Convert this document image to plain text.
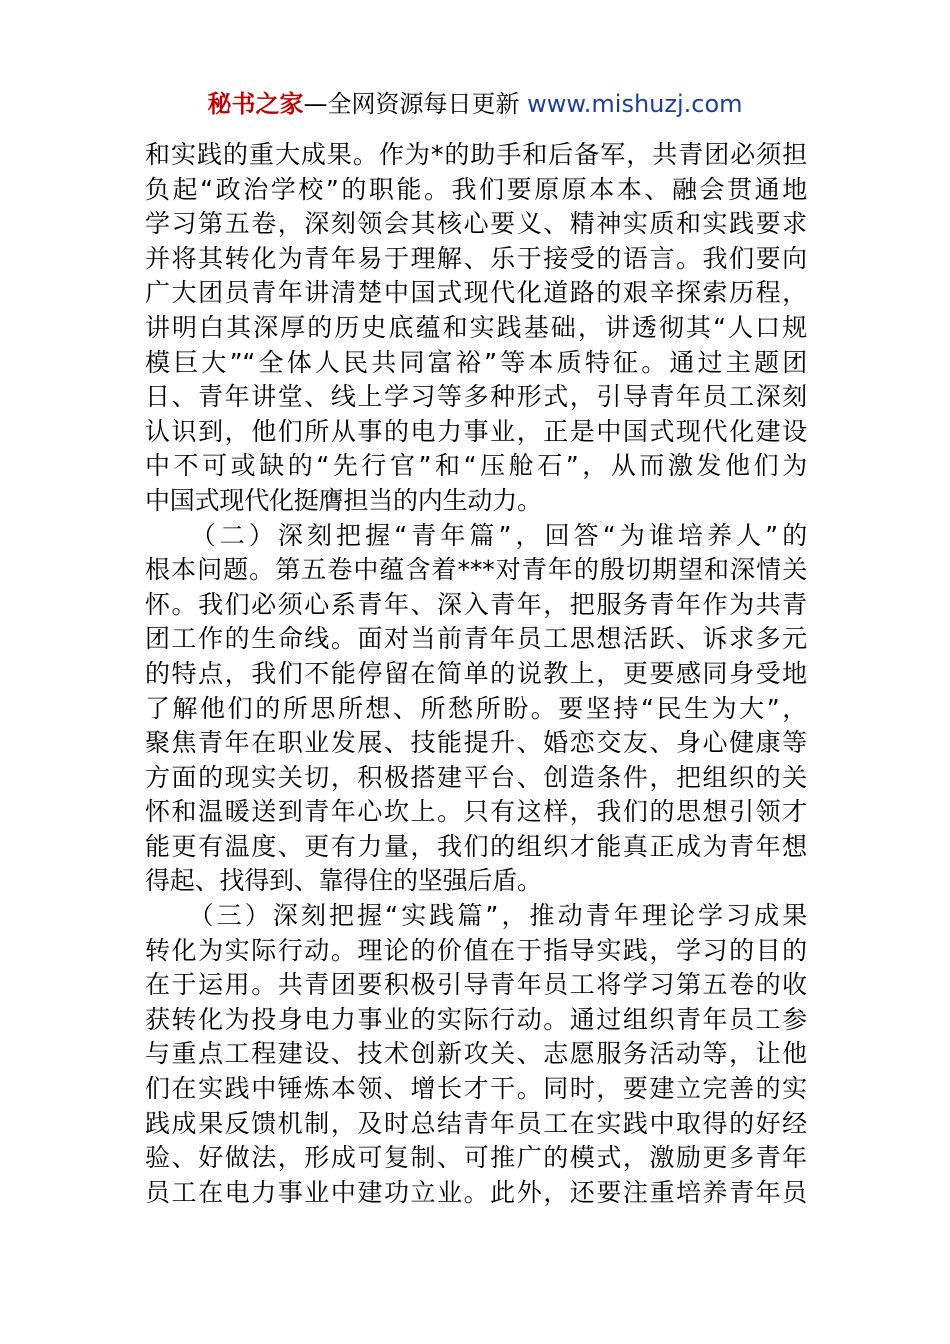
秘书之家—全网资源每日更新 www.mishuzj.com
和实践的重大成果。作为*的助手和后备军，共青团必须担
负起“政治学校”的职能。我们要原原本本、融会贯通地
学习第五卷，深刻领会其核心要义、精神实质和实践要求
并将其转化为青年易于理解、乐于接受的语言。我们要向
广大团员青年讲清楚中国式现代化道路的艰辛探索历程，
讲明白其深厚的历史底蕴和实践基础，讲透彻其“人口规
模巨大”“全体人民共同富裕”等本质特征。通过主题团
日、青年讲堂、线上学习等多种形式，引导青年员工深刻
认识到，他们所从事的电力事业，正是中国式现代化建设
中不可或缺的“先行官”和“压舱石”，从而激发他们为
中国式现代化挺膺担当的内生动力。
　　（二）深刻把握“青年篇”，回答“为谁培养人”的
根本问题。第五卷中蕴含着***对青年的殷切期望和深情关
怀。我们必须心系青年、深入青年，把服务青年作为共青
团工作的生命线。面对当前青年员工思想活跃、诉求多元
的特点，我们不能停留在简单的说教上，更要感同身受地
了解他们的所思所想、所愁所盼。要坚持“民生为大”，
聚焦青年在职业发展、技能提升、婚恋交友、身心健康等
方面的现实关切，积极搭建平台、创造条件，把组织的关
怀和温暖送到青年心坎上。只有这样，我们的思想引领才
能更有温度、更有力量，我们的组织才能真正成为青年想
得起、找得到、靠得住的坚强后盾。
　　（三）深刻把握“实践篇”，推动青年理论学习成果
转化为实际行动。理论的价值在于指导实践，学习的目的
在于运用。共青团要积极引导青年员工将学习第五卷的收
获转化为投身电力事业的实际行动。通过组织青年员工参
与重点工程建设、技术创新攻关、志愿服务活动等，让他
们在实践中锤炼本领、增长才干。同时，要建立完善的实
践成果反馈机制，及时总结青年员工在实践中取得的好经
验、好做法，形成可复制、可推广的模式，激励更多青年
员工在电力事业中建功立业。此外，还要注重培养青年员
